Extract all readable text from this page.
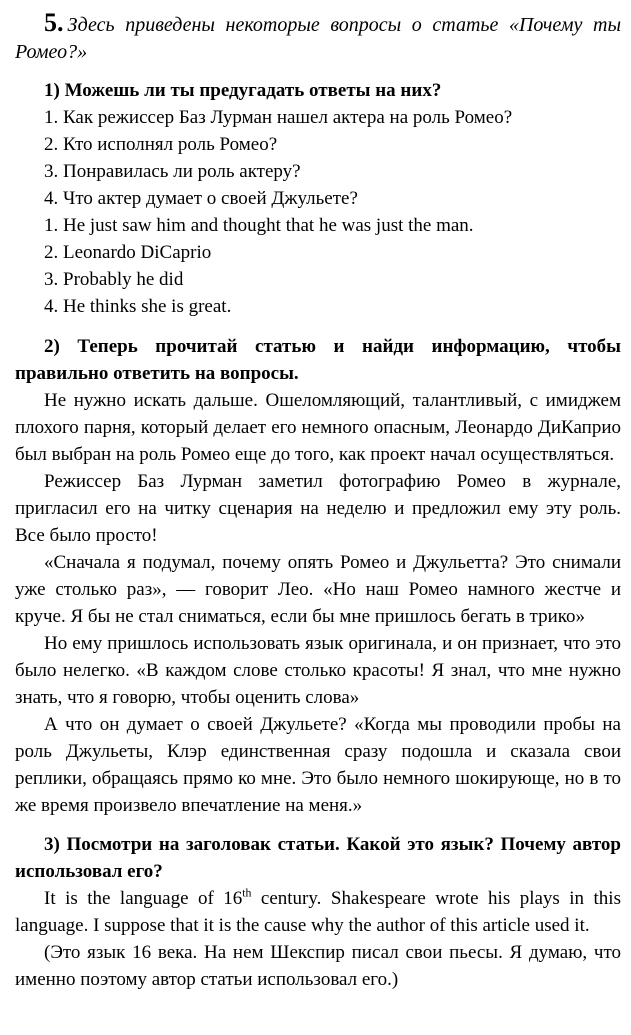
5. Здесь приведены некоторые вопросы о статье «Почему ты Ромео?»

1) Можешь ли ты предугадать ответы на них?

1. Как режиссер Баз Лурман нашел актера на роль Ромео?

2. Кто исполнял роль Ромео?

3. Понравилась ли роль актеру?

4. Что актер думает о своей Джульете?

1. He just saw him and thought that he was just the man.

2. Leonardo DiCaprio

3. Probably he did

4. He thinks she is great.

2) Теперь прочитай статью и найди информацию, чтобы правильно ответить на вопросы.

Не нужно искать дальше. Ошеломляющий, талантливый, с имиджем плохого парня, который делает его немного опасным, Леонардо ДиКаприо был выбран на роль Ромео еще до того, как проект начал осуществляться.

Режиссер Баз Лурман заметил фотографию Ромео в журнале, пригласил его на читку сценария на неделю и предложил ему эту роль. Все было просто!

«Сначала я подумал, почему опять Ромео и Джульетта? Это снимали уже столько раз», — говорит Лео. «Но наш Ромео намного жестче и круче. Я бы не стал сниматься, если бы мне пришлось бегать в трико»

Но ему пришлось использовать язык оригинала, и он признает, что это было нелегко. «В каждом слове столько красоты! Я знал, что мне нужно знать, что я говорю, чтобы оценить слова»

А что он думает о своей Джульете? «Когда мы проводили пробы на роль Джульеты, Клэр единственная сразу подошла и сказала свои реплики, обращаясь прямо ко мне. Это было немного шокирующе, но в то же время произвело впечатление на меня.»

3) Посмотри на заголовак статьи. Какой это язык? Почему автор использовал его?

It is the language of 16th century. Shakespeare wrote his plays in this language. I suppose that it is the cause why the author of this article used it.

(Это язык 16 века. На нем Шекспир писал свои пьесы. Я думаю, что именно поэтому автор статьи использовал его.)
